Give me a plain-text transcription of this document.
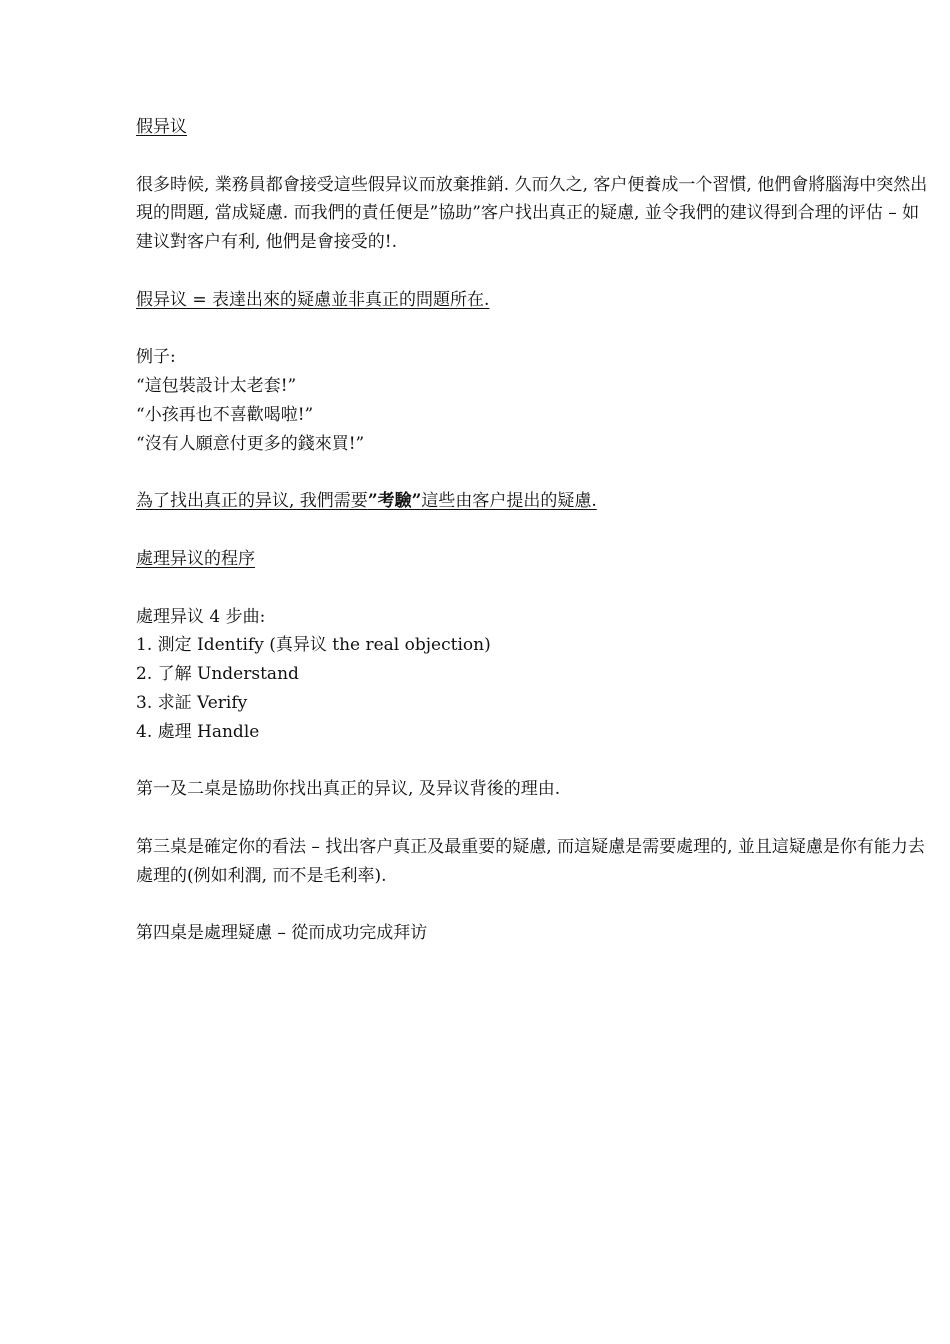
假异议

很多時候, 業務員都會接受這些假异议而放棄推銷. 久而久之, 客户便養成一个習慣, 他們會將腦海中突然出現的問題, 當成疑慮. 而我們的責任便是”協助”客户找出真正的疑慮, 並令我們的建议得到合理的评估 – 如建议對客户有利, 他們是會接受的!.

假异议 = 表達出來的疑慮並非真正的問題所在.

例子:

“這包裝設计太老套!”

“小孩再也不喜歡喝啦!”

“沒有人願意付更多的錢來買!”

為了找出真正的异议, 我們需要”考驗”這些由客户提出的疑慮.

處理异议的程序

處理异议 4 步曲:

1. 測定 Identify (真异议 the real objection)

2. 了解 Understand

3. 求証 Verify

4. 處理 Handle

第一及二桌是協助你找出真正的异议, 及异议背後的理由.

第三桌是確定你的看法 – 找出客户真正及最重要的疑慮, 而這疑慮是需要處理的, 並且這疑慮是你有能力去處理的(例如利潤, 而不是毛利率).

第四桌是處理疑慮 – 從而成功完成拜访
